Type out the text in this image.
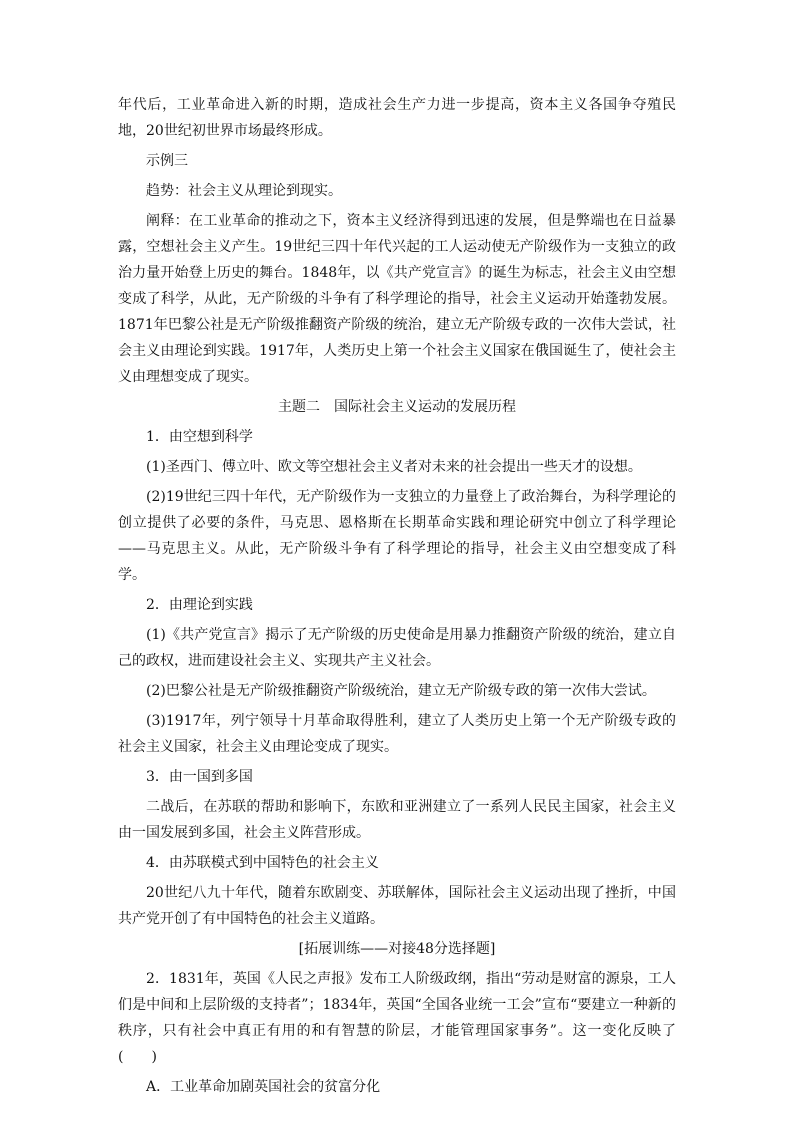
年代后，工业革命进入新的时期，造成社会生产力进一步提高，资本主义各国争夺殖民地，20世纪初世界市场最终形成。

示例三

趋势：社会主义从理论到现实。

阐释：在工业革命的推动之下，资本主义经济得到迅速的发展，但是弊端也在日益暴露，空想社会主义产生。19世纪三四十年代兴起的工人运动使无产阶级作为一支独立的政治力量开始登上历史的舞台。1848年，以《共产党宣言》的诞生为标志，社会主义由空想变成了科学，从此，无产阶级的斗争有了科学理论的指导，社会主义运动开始蓬勃发展。1871年巴黎公社是无产阶级推翻资产阶级的统治，建立无产阶级专政的一次伟大尝试，社会主义由理论到实践。1917年，人类历史上第一个社会主义国家在俄国诞生了，使社会主义由理想变成了现实。

主题二　国际社会主义运动的发展历程

1．由空想到科学

(1)圣西门、傅立叶、欧文等空想社会主义者对未来的社会提出一些天才的设想。

(2)19世纪三四十年代，无产阶级作为一支独立的力量登上了政治舞台，为科学理论的创立提供了必要的条件，马克思、恩格斯在长期革命实践和理论研究中创立了科学理论——马克思主义。从此，无产阶级斗争有了科学理论的指导，社会主义由空想变成了科学。

2．由理论到实践

(1)《共产党宣言》揭示了无产阶级的历史使命是用暴力推翻资产阶级的统治，建立自己的政权，进而建设社会主义、实现共产主义社会。

(2)巴黎公社是无产阶级推翻资产阶级统治，建立无产阶级专政的第一次伟大尝试。

(3)1917年，列宁领导十月革命取得胜利，建立了人类历史上第一个无产阶级专政的社会主义国家，社会主义由理论变成了现实。

3．由一国到多国

二战后，在苏联的帮助和影响下，东欧和亚洲建立了一系列人民民主国家，社会主义由一国发展到多国，社会主义阵营形成。

4．由苏联模式到中国特色的社会主义

20世纪八九十年代，随着东欧剧变、苏联解体，国际社会主义运动出现了挫折，中国共产党开创了有中国特色的社会主义道路。

[拓展训练——对接48分选择题]

2．1831年，英国《人民之声报》发布工人阶级政纲，指出“劳动是财富的源泉，工人们是中间和上层阶级的支持者”；1834年，英国“全国各业统一工会”宣布“要建立一种新的秩序，只有社会中真正有用的和有智慧的阶层，才能管理国家事务”。这一变化反映了(　　)

A．工业革命加剧英国社会的贫富分化
